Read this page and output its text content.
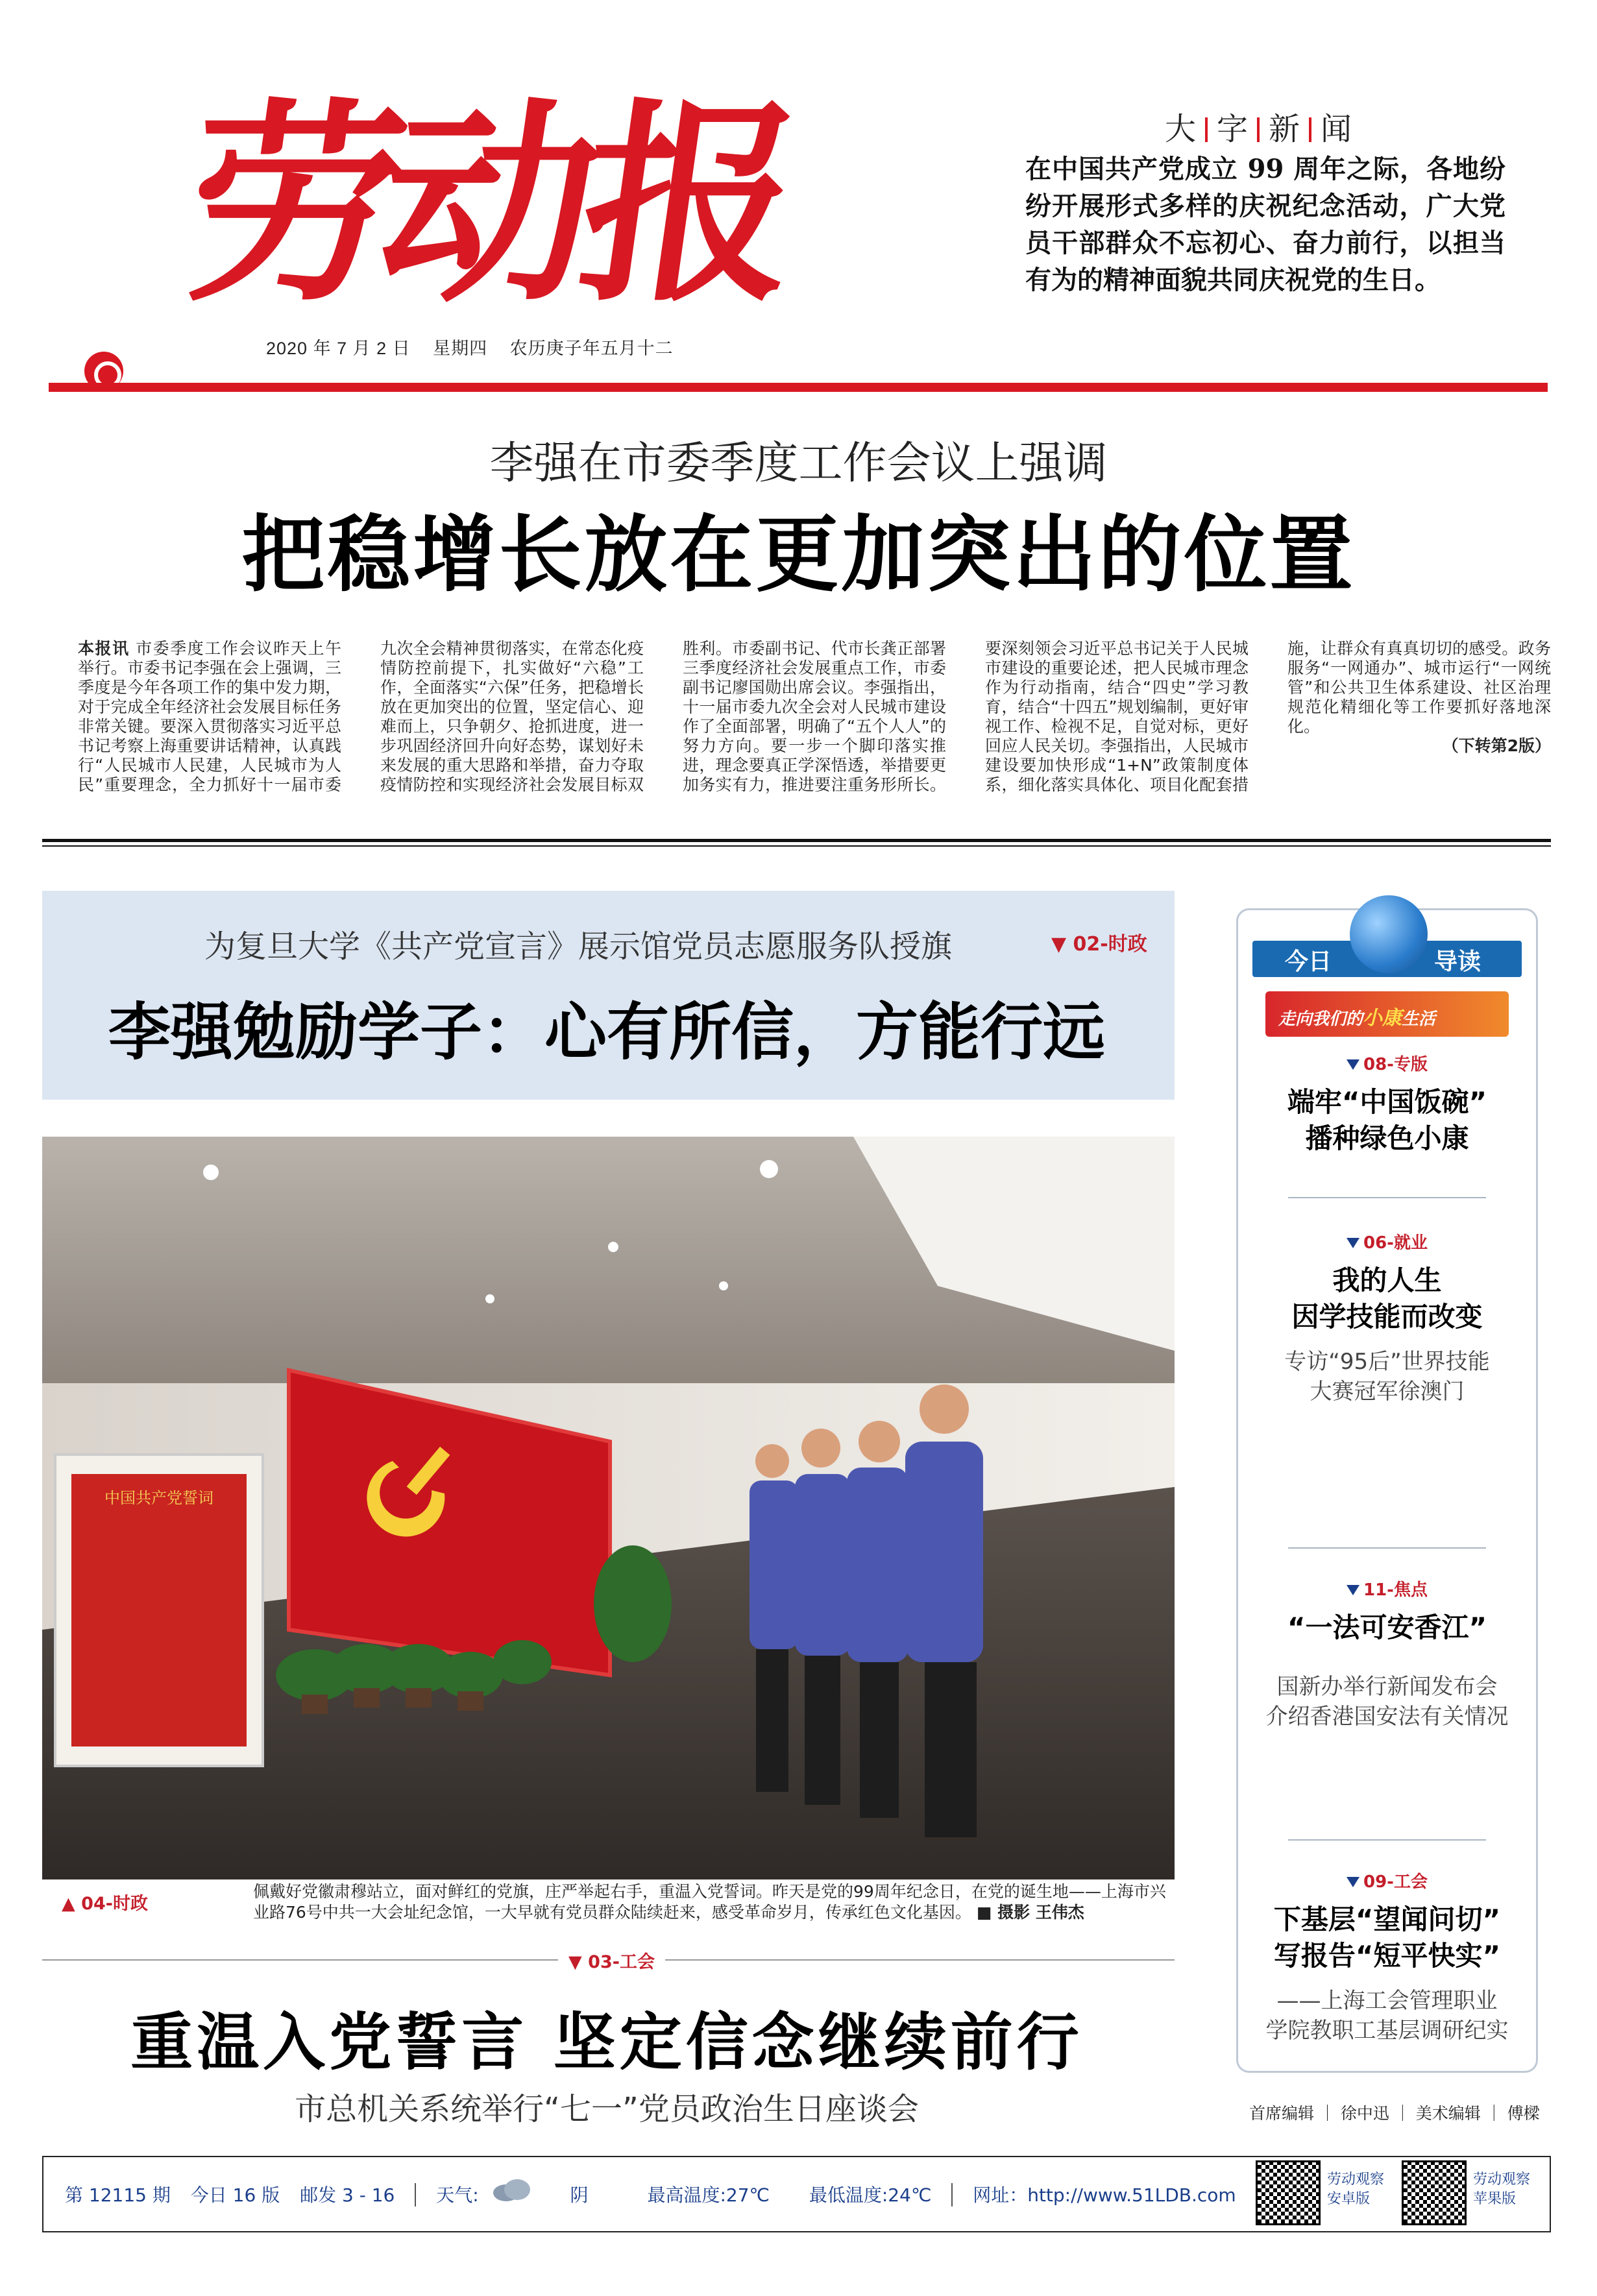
劳
动
报
2020 年 7 月 2 日 星期四 农历庚子年五月十二
大 字 新 闻
在中国共产党成立 99 周年之际，各地纷纷开展形式多样的庆祝纪念活动，广大党员干部群众不忘初心、奋力前行，以担当有为的精神面貌共同庆祝党的生日。
李强在市委季度工作会议上强调
把稳增长放在更加突出的位置
本报讯 市委季度工作会议昨天上午举行。市委书记李强在会上强调，三季度是今年各项工作的集中发力期，对于完成全年经济社会发展目标任务非常关键。要深入贯彻落实习近平总书记考察上海重要讲话精神，认真践行“人民城市人民建，人民城市为人民”重要理念，全力抓好十一届市委九次全会精神贯彻落实，在常态化疫情防控前提下，扎实做好“六稳”工作，全面落实“六保”任务，把稳增长放在更加突出的位置，坚定信心、迎难而上，只争朝夕、抢抓进度，进一步巩固经济回升向好态势，谋划好未来发展的重大思路和举措，奋力夺取疫情防控和实现经济社会发展目标双胜利。市委副书记、代市长龚正部署三季度经济社会发展重点工作，市委副书记廖国勋出席会议。李强指出，十一届市委九次全会对人民城市建设作了全面部署，明确了“五个人人”的努力方向。要一步一个脚印落实推进，理念要真正学深悟透，举措要更加务实有力，推进要注重务形所长。要深刻领会习近平总书记关于人民城市建设的重要论述，把人民城市理念作为行动指南，结合“四史”学习教育，结合“十四五”规划编制，更好审视工作、检视不足，自觉对标，更好回应人民关切。李强指出，人民城市建设要加快形成“1+N”政策制度体系，细化落实具体化、项目化配套措施，让群众有真真切切的感受。政务服务“一网通办”、城市运行“一网统管”和公共卫生体系建设、社区治理规范化精细化等工作要抓好落地深化。
（下转第2版）
为复旦大学《共产党宣言》展示馆党员志愿服务队授旗	▼ 02-时政
李强勉励学子：心有所信，方能行远
中国共产党誓词
▲ 04-时政
佩戴好党徽肃穆站立，面对鲜红的党旗，庄严举起右手，重温入党誓词。昨天是党的99周年纪念日，在党的诞生地——上海市兴业路76号中共一大会址纪念馆，一大早就有党员群众陆续赶来，感受革命岁月，传承红色文化基因。 ■ 摄影 王伟杰
▼ 03-工会
重温入党誓言 坚定信念继续前行
市总机关系统举行“七一”党员政治生日座谈会
今日	导读
走向我们的小康生活
08-专版
端牢“中国饭碗”
播种绿色小康
06-就业
我的人生
因学技能而改变
专访“95后”世界技能
大赛冠军徐澳门
11-焦点
“一法可安香江”
国新办举行新闻发布会
介绍香港国安法有关情况
09-工会
下基层“望闻问切”
写报告“短平快实”
——上海工会管理职业
学院教职工基层调研纪实
首席编辑 ｜ 徐中迅 ｜ 美术编辑 ｜ 傅樑
第 12115 期 今日 16 版 邮发 3 - 16 天气:	阴	最高温度:27℃ 最低温度:24℃ 网址：http://www.51LDB.com
劳动观察
安卓版
劳动观察
苹果版
